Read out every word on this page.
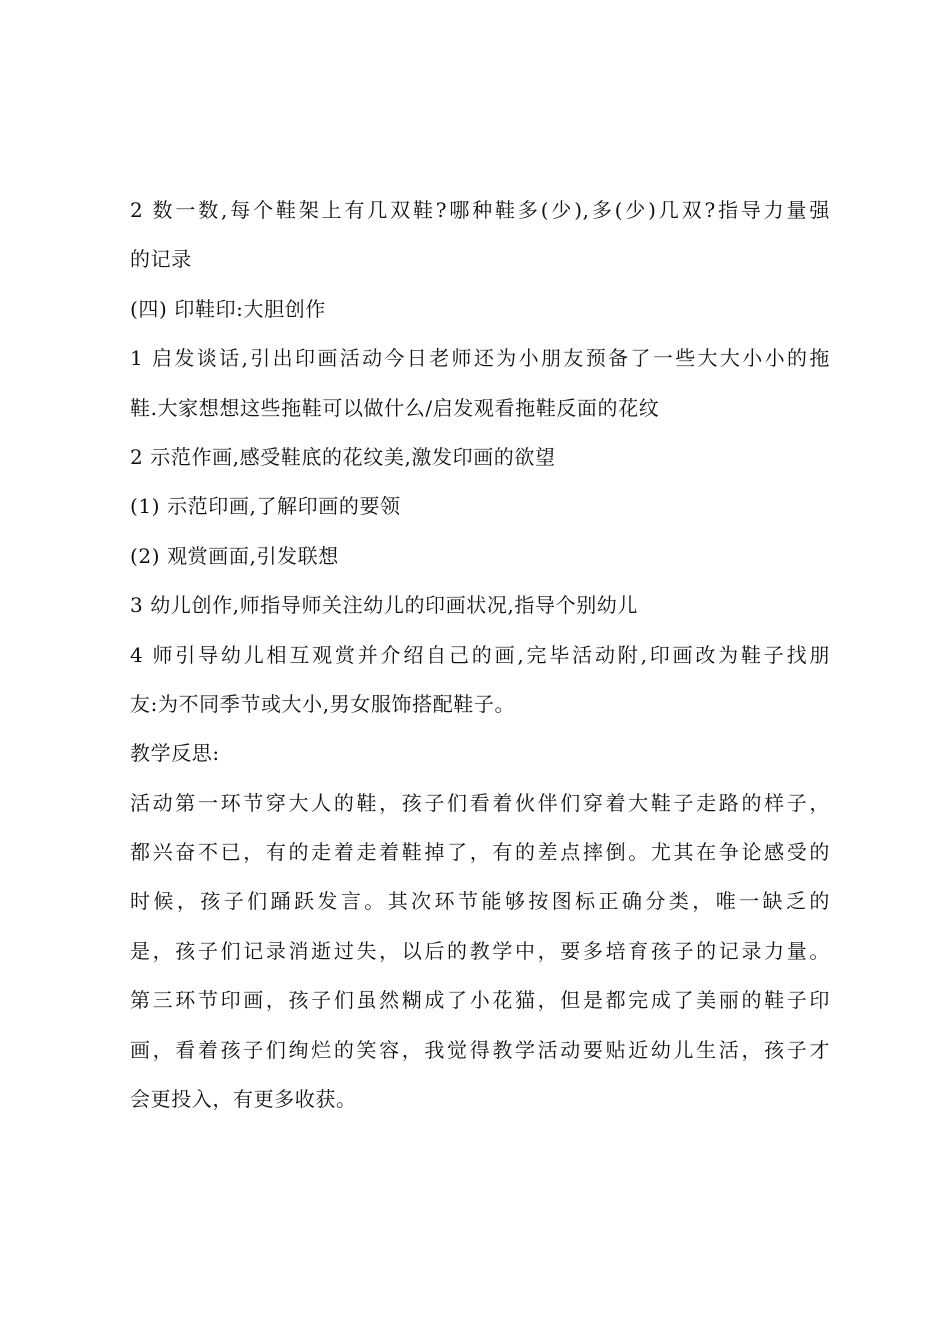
2 数一数,每个鞋架上有几双鞋?哪种鞋多(少),多(少)几双?指导力量强
的记录
(四) 印鞋印:大胆创作
1 启发谈话,引出印画活动今日老师还为小朋友预备了一些大大小小的拖
鞋.大家想想这些拖鞋可以做什么/启发观看拖鞋反面的花纹
2 示范作画,感受鞋底的花纹美,激发印画的欲望
(1) 示范印画,了解印画的要领
(2) 观赏画面,引发联想
3 幼儿创作,师指导师关注幼儿的印画状况,指导个别幼儿
4 师引导幼儿相互观赏并介绍自己的画,完毕活动附,印画改为鞋子找朋
友:为不同季节或大小,男女服饰搭配鞋子。
教学反思:
活动第一环节穿大人的鞋，孩子们看着伙伴们穿着大鞋子走路的样子，
都兴奋不已，有的走着走着鞋掉了，有的差点摔倒。尤其在争论感受的
时候，孩子们踊跃发言。其次环节能够按图标正确分类，唯一缺乏的
是，孩子们记录消逝过失，以后的教学中，要多培育孩子的记录力量。
第三环节印画，孩子们虽然糊成了小花猫，但是都完成了美丽的鞋子印
画，看着孩子们绚烂的笑容，我觉得教学活动要贴近幼儿生活，孩子才
会更投入，有更多收获。
